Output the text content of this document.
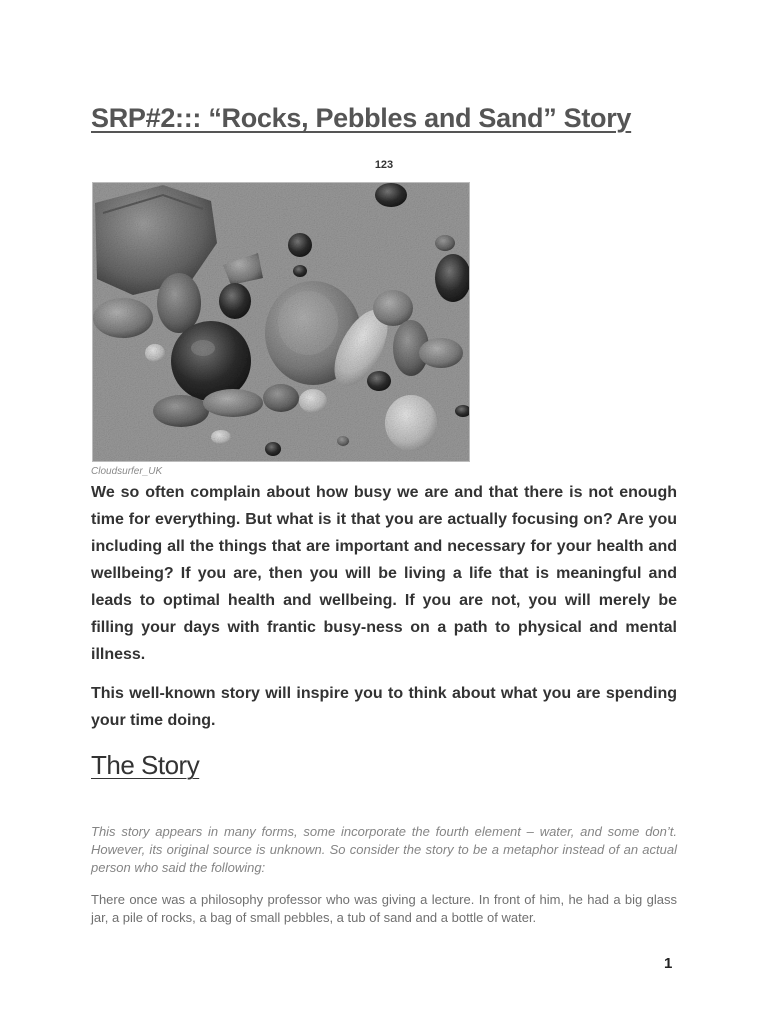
SRP#2::: “Rocks, Pebbles and Sand” Story
123
Cloudsurfer_UK

We so often complain about how busy we are and that there is not enough time for everything. But what is it that you are actually focusing on? Are you including all the things that are important and necessary for your health and wellbeing? If you are, then you will be living a life that is meaningful and leads to optimal health and wellbeing. If you are not, you will merely be filling your days with frantic busy-ness on a path to physical and mental illness.

This well-known story will inspire you to think about what you are spending your time doing.

The Story

This story appears in many forms, some incorporate the fourth element – water, and some don’t. However, its original source is unknown. So consider the story to be a metaphor instead of an actual person who said the following:

There once was a philosophy professor who was giving a lecture. In front of him, he had a big glass jar, a pile of rocks, a bag of small pebbles, a tub of sand and a bottle of water.

1
